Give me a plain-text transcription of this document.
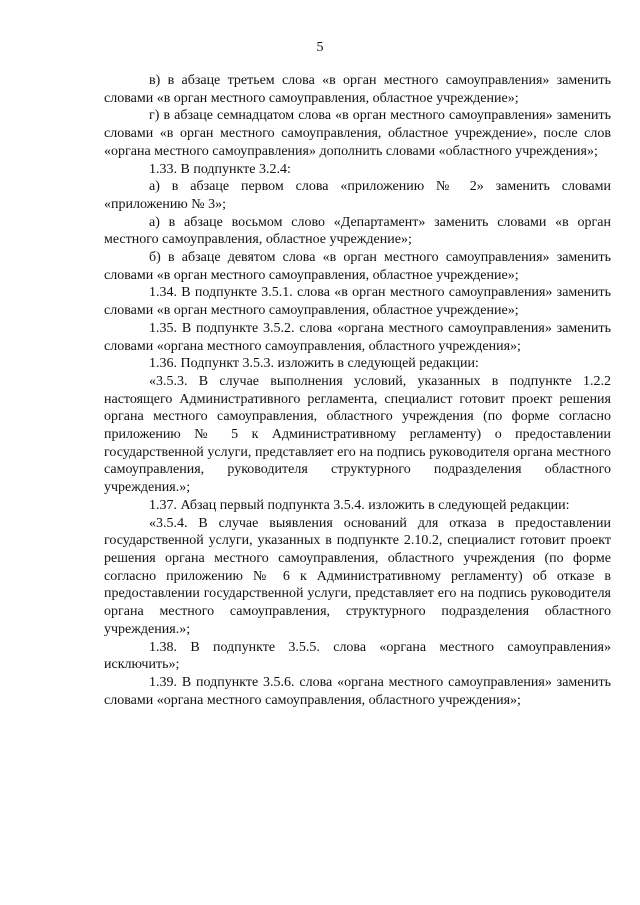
5

в) в абзаце третьем слова «в орган местного самоуправления» заменить словами «в орган местного самоуправления, областное учреждение»;

г) в абзаце семнадцатом слова «в орган местного самоуправления» заменить словами «в орган местного самоуправления, областное учреждение», после слов «органа местного самоуправления» дополнить словами «областного учреждения»;

1.33. В подпункте 3.2.4:

а) в абзаце первом слова «приложению № 2» заменить словами «приложению № 3»;

а) в абзаце восьмом слово «Департамент» заменить словами «в орган местного самоуправления, областное учреждение»;

б) в абзаце девятом слова «в орган местного самоуправления» заменить словами «в орган местного самоуправления, областное учреждение»;

1.34. В подпункте 3.5.1. слова «в орган местного самоуправления» заменить словами «в орган местного самоуправления, областное учреждение»;

1.35. В подпункте 3.5.2. слова «органа местного самоуправления» заменить словами «органа местного самоуправления, областного учреждения»;

1.36. Подпункт 3.5.3. изложить в следующей редакции:

«3.5.3. В случае выполнения условий, указанных в подпункте 1.2.2 настоящего Административного регламента, специалист готовит проект решения органа местного самоуправления, областного учреждения (по форме согласно приложению № 5 к Административному регламенту) о предоставлении государственной услуги, представляет его на подпись руководителя органа местного самоуправления, руководителя структурного подразделения областного учреждения.»;

1.37. Абзац первый подпункта 3.5.4. изложить в следующей редакции:

«3.5.4. В случае выявления оснований для отказа в предоставлении государственной услуги, указанных в подпункте 2.10.2, специалист готовит проект решения органа местного самоуправления, областного учреждения (по форме согласно приложению № 6 к Административному регламенту) об отказе в предоставлении государственной услуги, представляет его на подпись руководителя органа местного самоуправления, структурного подразделения областного учреждения.»;

1.38. В подпункте 3.5.5. слова «органа местного самоуправления» исключить»;

1.39. В подпункте 3.5.6. слова «органа местного самоуправления» заменить словами «органа местного самоуправления, областного учреждения»;
